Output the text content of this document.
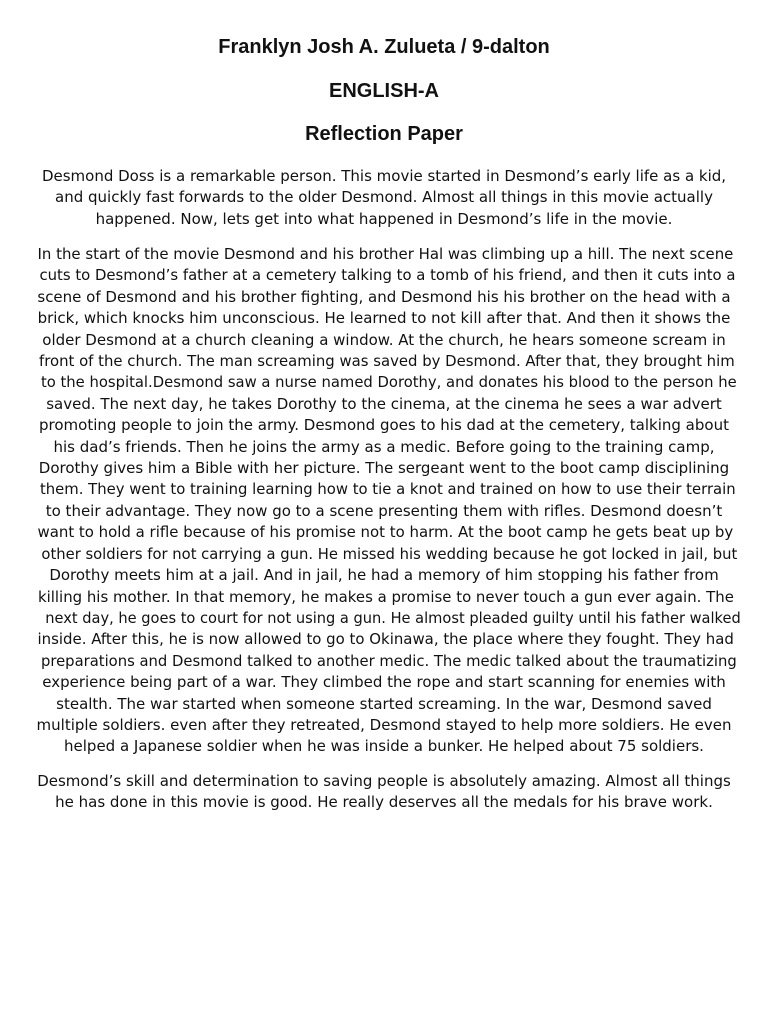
Franklyn Josh A. Zulueta / 9-dalton
ENGLISH-A
Reflection Paper

Desmond Doss is a remarkable person. This movie started in Desmond’s early life as a kid,
and quickly fast forwards to the older Desmond. Almost all things in this movie actually
happened. Now, lets get into what happened in Desmond’s life in the movie.

In the start of the movie Desmond and his brother Hal was climbing up a hill. The next scene
cuts to Desmond’s father at a cemetery talking to a tomb of his friend, and then it cuts into a
scene of Desmond and his brother fighting, and Desmond his his brother on the head with a
brick, which knocks him unconscious. He learned to not kill after that. And then it shows the
older Desmond at a church cleaning a window. At the church, he hears someone scream in
front of the church. The man screaming was saved by Desmond. After that, they brought him
to the hospital.Desmond saw a nurse named Dorothy, and donates his blood to the person he
saved. The next day, he takes Dorothy to the cinema, at the cinema he sees a war advert
promoting people to join the army. Desmond goes to his dad at the cemetery, talking about
his dad’s friends. Then he joins the army as a medic. Before going to the training camp,
Dorothy gives him a Bible with her picture. The sergeant went to the boot camp disciplining
them. They went to training learning how to tie a knot and trained on how to use their terrain
to their advantage. They now go to a scene presenting them with rifles. Desmond doesn’t
want to hold a rifle because of his promise not to harm. At the boot camp he gets beat up by
other soldiers for not carrying a gun. He missed his wedding because he got locked in jail, but
Dorothy meets him at a jail. And in jail, he had a memory of him stopping his father from
killing his mother. In that memory, he makes a promise to never touch a gun ever again. The
next day, he goes to court for not using a gun. He almost pleaded guilty until his father walked
inside. After this, he is now allowed to go to Okinawa, the place where they fought. They had
preparations and Desmond talked to another medic. The medic talked about the traumatizing
experience being part of a war. They climbed the rope and start scanning for enemies with
stealth. The war started when someone started screaming. In the war, Desmond saved
multiple soldiers. even after they retreated, Desmond stayed to help more soldiers. He even
helped a Japanese soldier when he was inside a bunker. He helped about 75 soldiers.

Desmond’s skill and determination to saving people is absolutely amazing. Almost all things
he has done in this movie is good. He really deserves all the medals for his brave work.
